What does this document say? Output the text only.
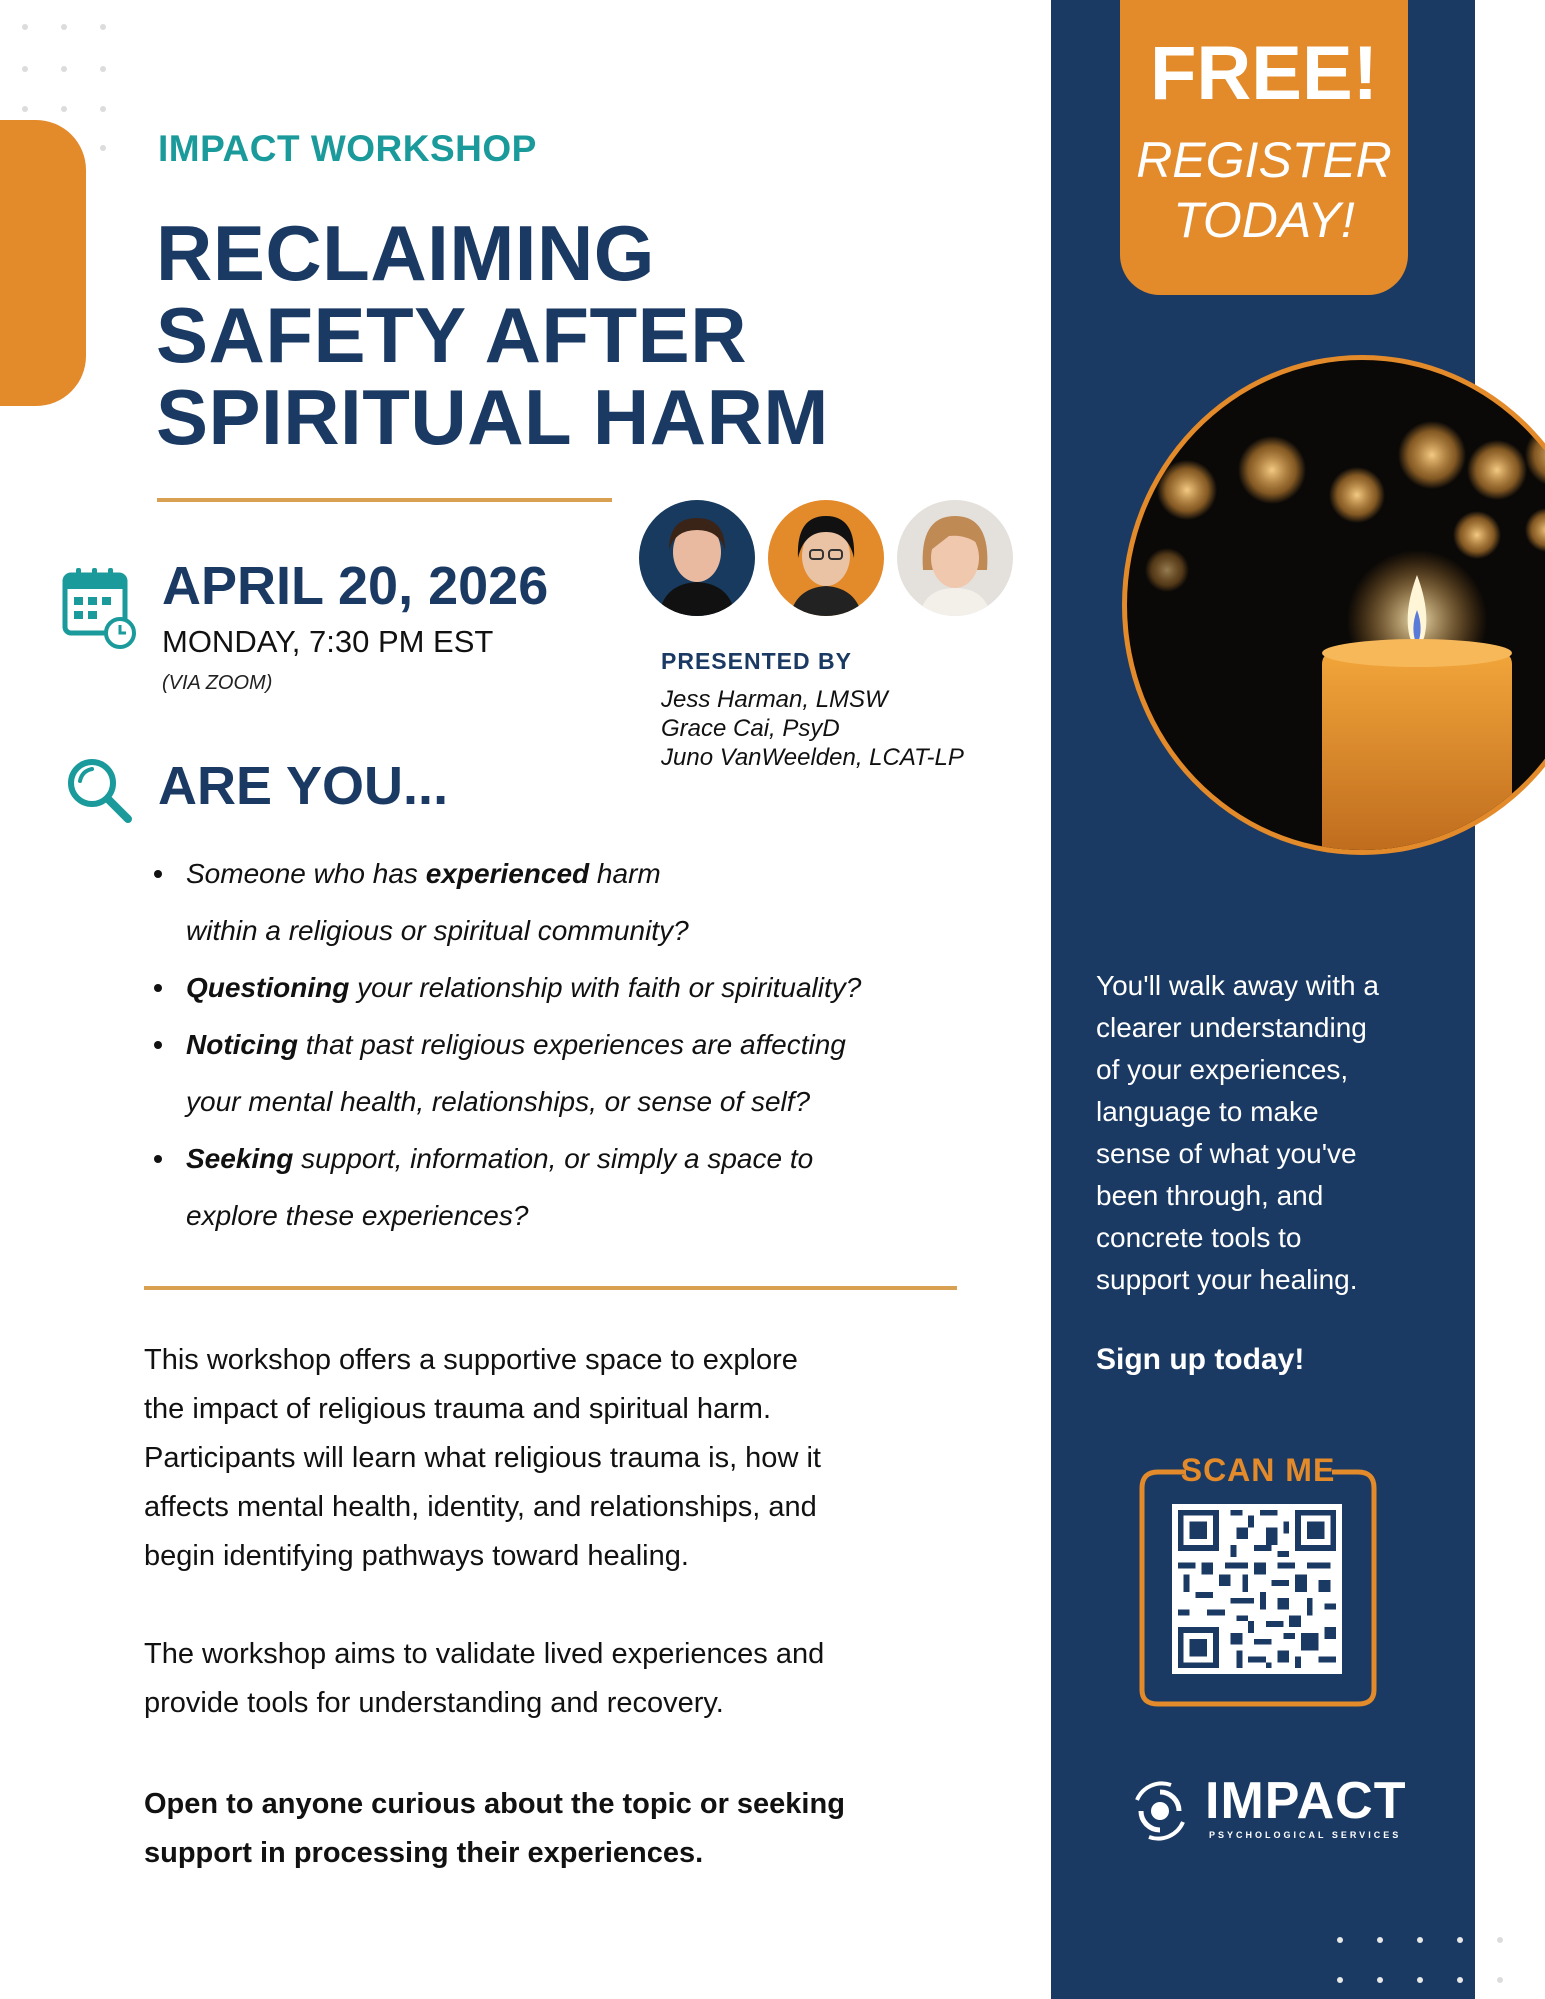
IMPACT WORKSHOP
RECLAIMING
SAFETY AFTER
SPIRITUAL HARM
APRIL 20, 2026
MONDAY, 7:30 PM EST
(VIA ZOOM)
PRESENTED BY
Jess Harman, LMSW
Grace Cai, PsyD
Juno VanWeelden, LCAT-LP
ARE YOU...
Someone who has experienced harm
within a religious or spiritual community?
Questioning your relationship with faith or spirituality?
Noticing that past religious experiences are affecting
your mental health, relationships, or sense of self?
Seeking support, information, or simply a space to
explore these experiences?
This workshop offers a supportive space to explore
the impact of religious trauma and spiritual harm.
Participants will learn what religious trauma is, how it
affects mental health, identity, and relationships, and
begin identifying pathways toward healing.
The workshop aims to validate lived experiences and
provide tools for understanding and recovery.
Open to anyone curious about the topic or seeking
support in processing their experiences.
FREE!
REGISTER
TODAY!
You'll walk away with a
clearer understanding
of your experiences,
language to make
sense of what you've
been through, and
concrete tools to
support your healing.
Sign up today!
SCAN ME
IMPACT
PSYCHOLOGICAL SERVICES
